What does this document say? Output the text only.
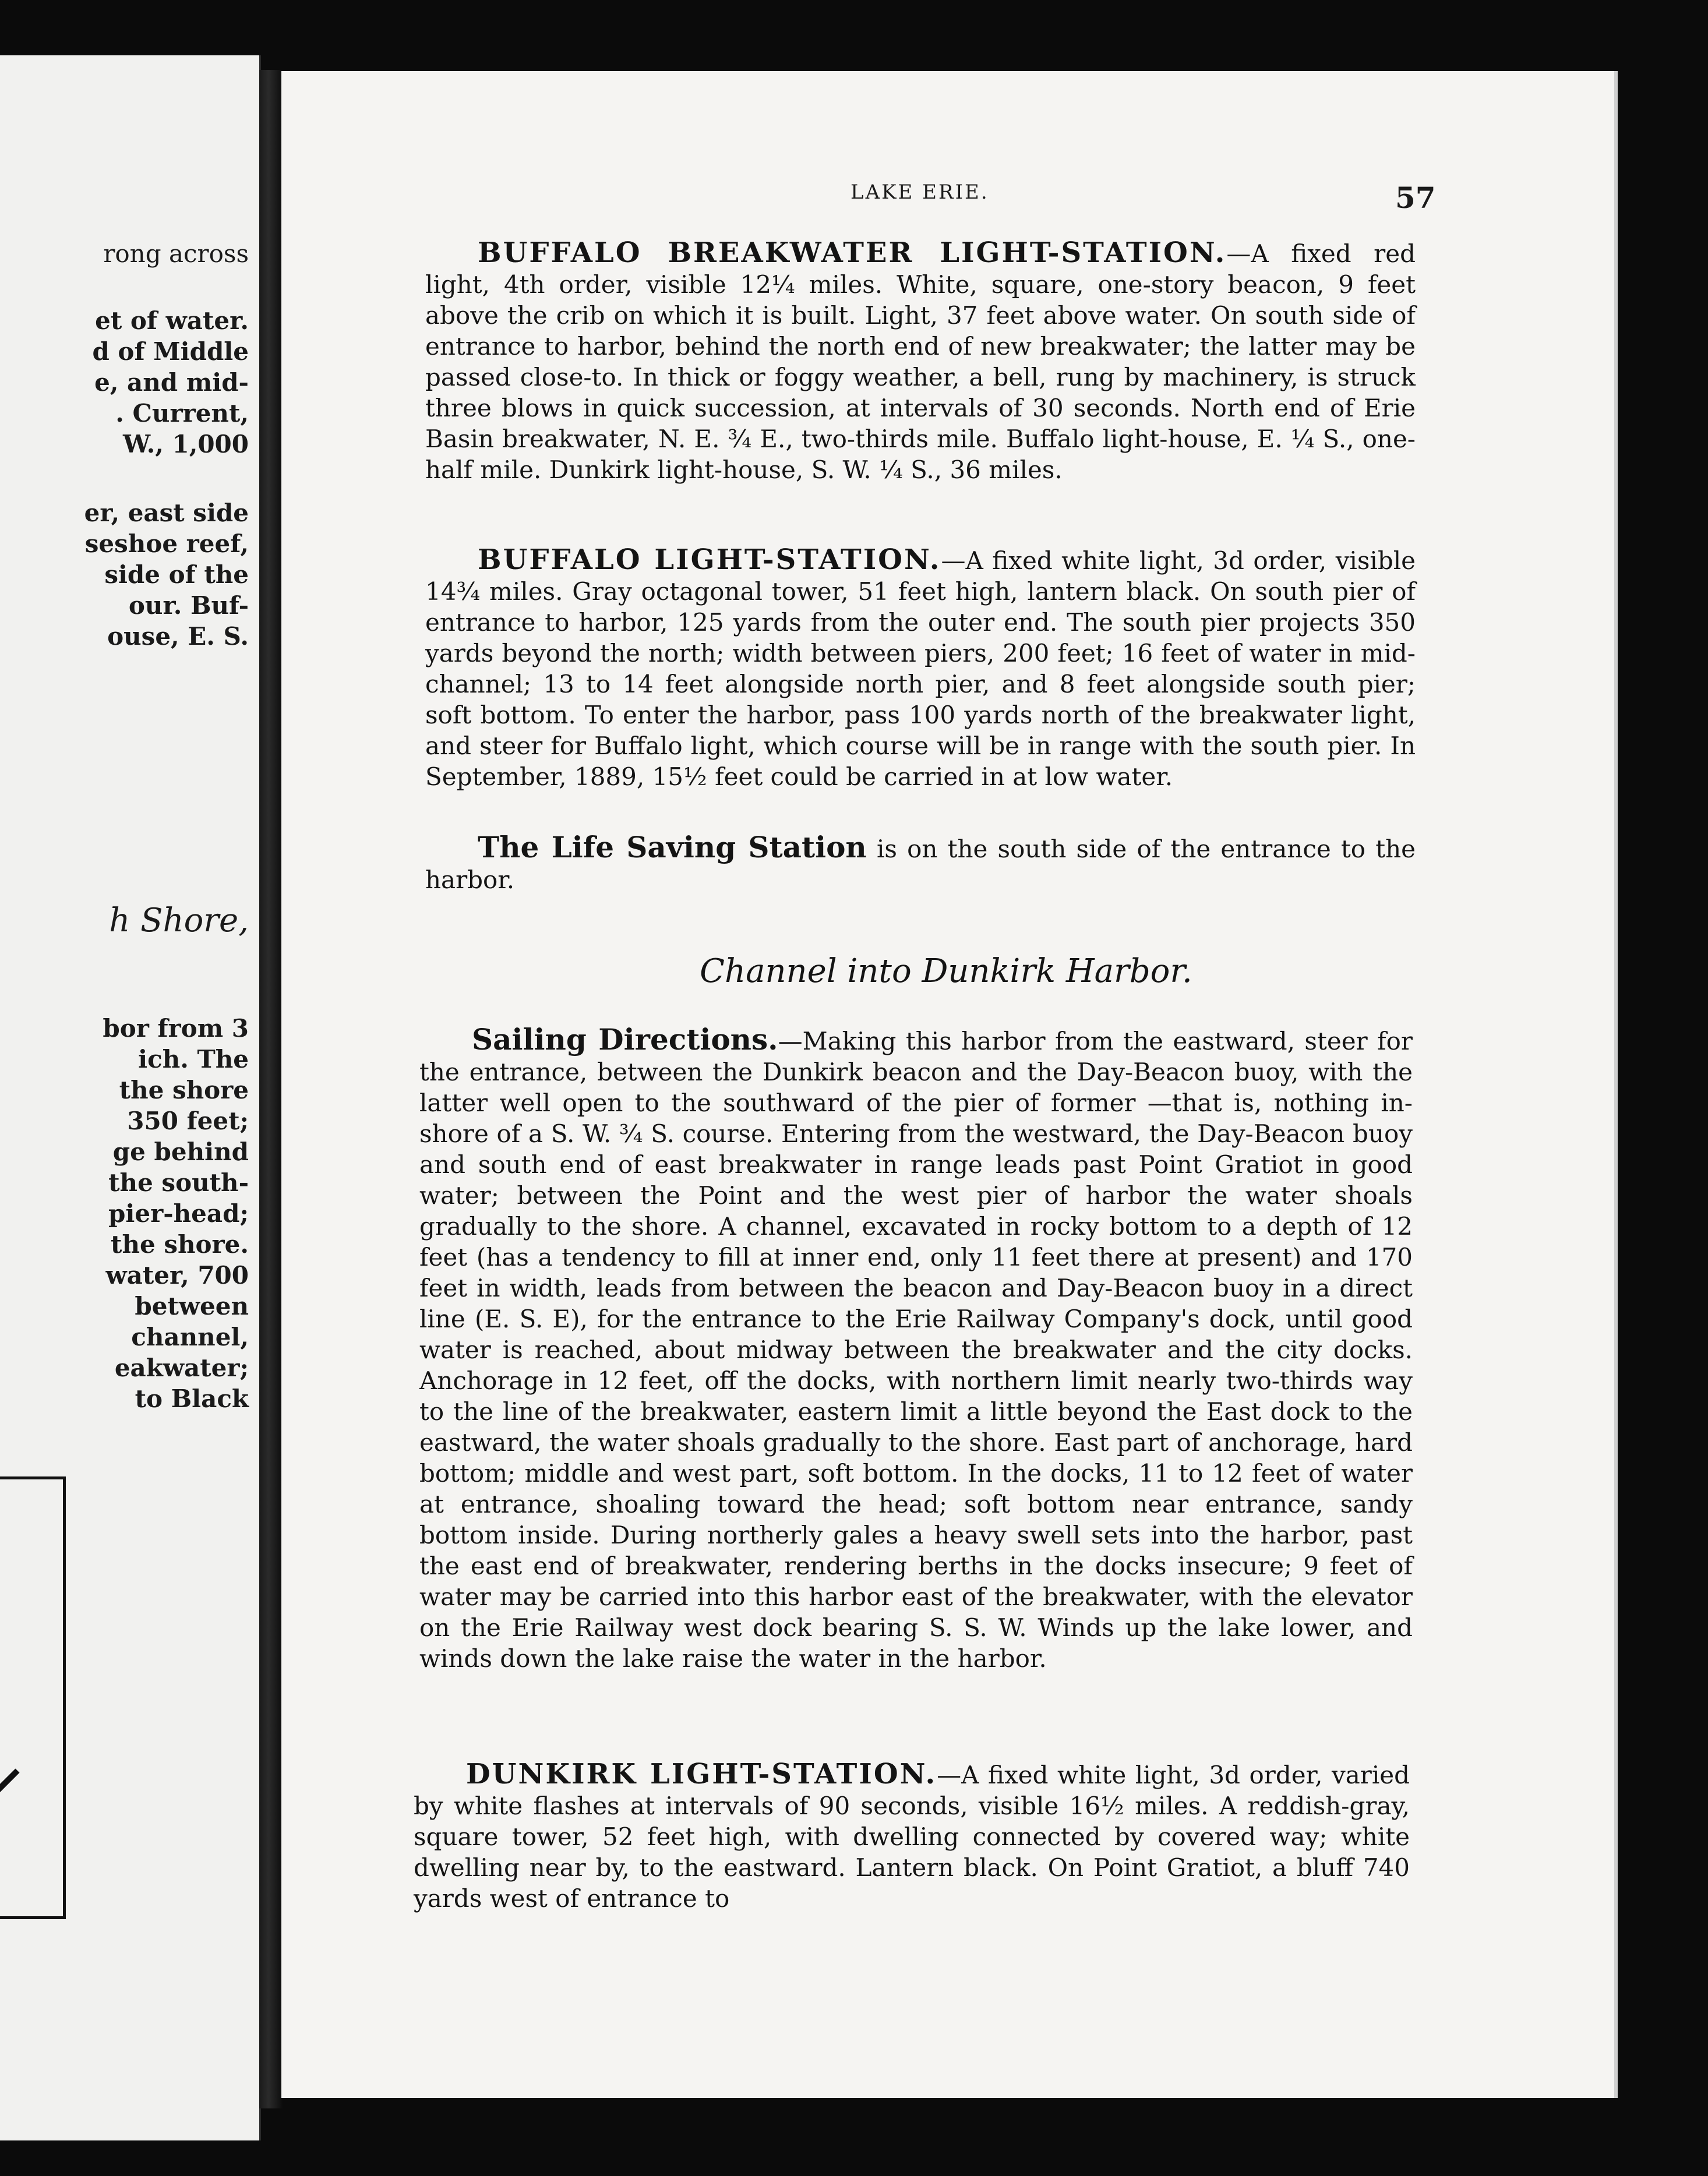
rong across
et of water.
d of Middle
e, and mid-
. Current,
W., 1,000
er, east side
seshoe reef,
side of the
our. Buf-
ouse, E. S.
h Shore,
bor from 3
ich. The
the shore
350 feet;
ge behind
the south-
pier-head;
the shore.
water, 700
between
channel,
eakwater;
to Black
LAKE ERIE.	57

BUFFALO BREAKWATER LIGHT-STATION.—A fixed red light, 4th order, visible 12¼ miles. White, square, one-story beacon, 9 feet above the crib on which it is built. Light, 37 feet above water. On south side of entrance to harbor, behind the north end of new breakwater; the latter may be passed close-to. In thick or foggy weather, a bell, rung by machinery, is struck three blows in quick succession, at intervals of 30 seconds. North end of Erie Basin breakwater, N. E. ¾ E., two-thirds mile. Buffalo light-house, E. ¼ S., one-half mile. Dunkirk light-house, S. W. ¼ S., 36 miles.

BUFFALO LIGHT-STATION.—A fixed white light, 3d order, visible 14¾ miles. Gray octagonal tower, 51 feet high, lantern black. On south pier of entrance to harbor, 125 yards from the outer end. The south pier projects 350 yards beyond the north; width between piers, 200 feet; 16 feet of water in mid-channel; 13 to 14 feet alongside north pier, and 8 feet alongside south pier; soft bottom. To enter the harbor, pass 100 yards north of the breakwater light, and steer for Buffalo light, which course will be in range with the south pier. In September, 1889, 15½ feet could be carried in at low water.

The Life Saving Station is on the south side of the entrance to the harbor.

Channel into Dunkirk Harbor.

Sailing Directions.—Making this harbor from the eastward, steer for the entrance, between the Dunkirk beacon and the Day-Beacon buoy, with the latter well open to the southward of the pier of former —that is, nothing in-shore of a S. W. ¾ S. course. Entering from the westward, the Day-Beacon buoy and south end of east breakwater in range leads past Point Gratiot in good water; between the Point and the west pier of harbor the water shoals gradually to the shore. A channel, excavated in rocky bottom to a depth of 12 feet (has a tendency to fill at inner end, only 11 feet there at present) and 170 feet in width, leads from between the beacon and Day-Beacon buoy in a direct line (E. S. E), for the entrance to the Erie Railway Company's dock, until good water is reached, about midway between the breakwater and the city docks. Anchorage in 12 feet, off the docks, with northern limit nearly two-thirds way to the line of the breakwater, eastern limit a little beyond the East dock to the eastward, the water shoals gradually to the shore. East part of anchorage, hard bottom; middle and west part, soft bottom. In the docks, 11 to 12 feet of water at entrance, shoaling toward the head; soft bottom near entrance, sandy bottom inside. During northerly gales a heavy swell sets into the harbor, past the east end of breakwater, rendering berths in the docks insecure; 9 feet of water may be carried into this harbor east of the breakwater, with the elevator on the Erie Railway west dock bearing S. S. W. Winds up the lake lower, and winds down the lake raise the water in the harbor.

DUNKIRK LIGHT-STATION.—A fixed white light, 3d order, varied by white flashes at intervals of 90 seconds, visible 16½ miles. A reddish-gray, square tower, 52 feet high, with dwelling connected by covered way; white dwelling near by, to the eastward. Lantern black. On Point Gratiot, a bluff 740 yards west of entrance to
